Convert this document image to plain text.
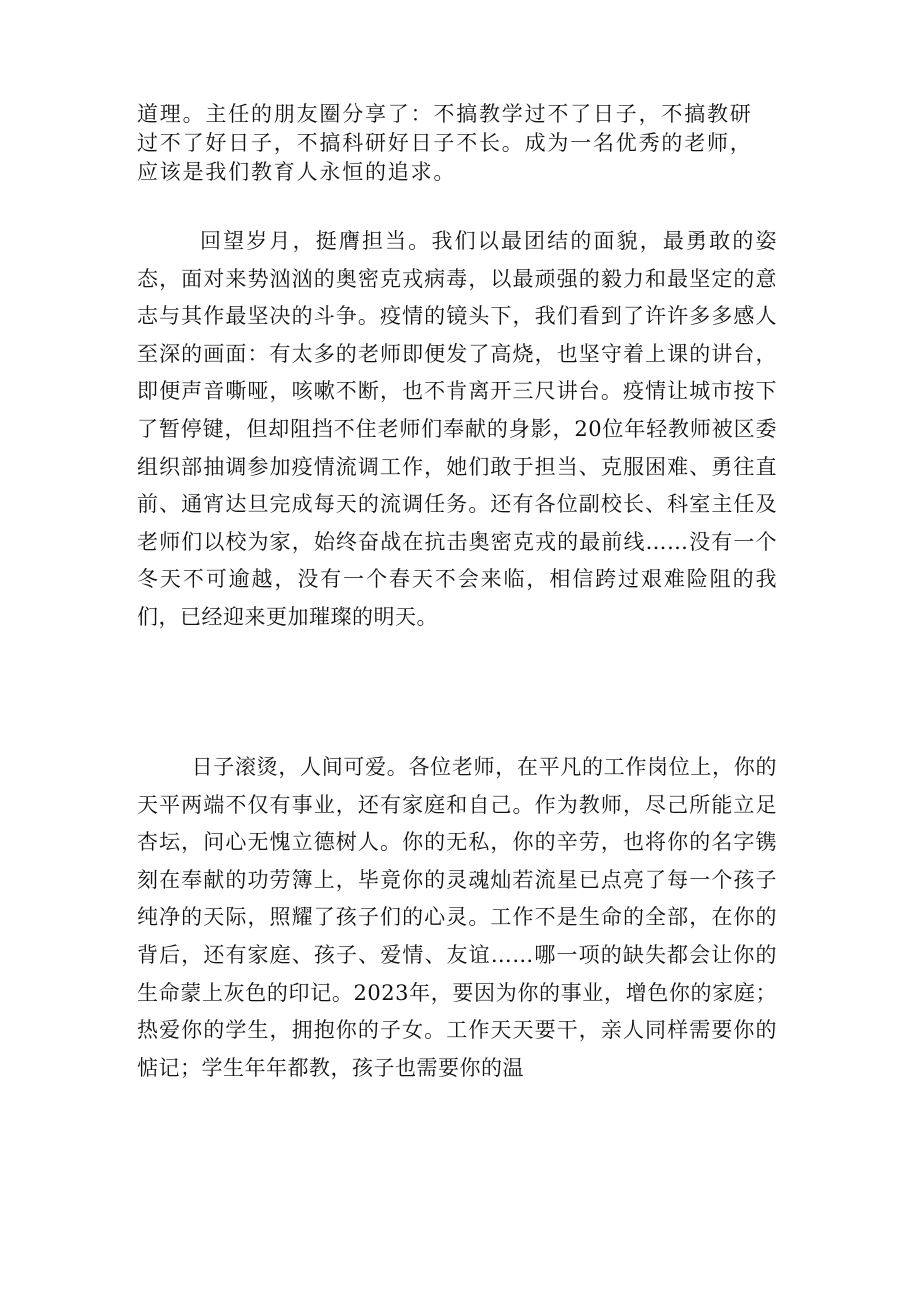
道理。主任的朋友圈分享了：不搞教学过不了日子，不搞教研
过不了好日子，不搞科研好日子不长。成为一名优秀的老师，
应该是我们教育人永恒的追求。

回望岁月，挺膺担当。我们以最团结的面貌，最勇敢的姿态，面对来势汹汹的奥密克戎病毒，以最顽强的毅力和最坚定的意志与其作最坚决的斗争。疫情的镜头下，我们看到了许许多多感人至深的画面：有太多的老师即便发了高烧，也坚守着上课的讲台，即便声音嘶哑，咳嗽不断，也不肯离开三尺讲台。疫情让城市按下了暂停键，但却阻挡不住老师们奉献的身影，20位年轻教师被区委组织部抽调参加疫情流调工作，她们敢于担当、克服困难、勇往直前、通宵达旦完成每天的流调任务。还有各位副校长、科室主任及老师们以校为家，始终奋战在抗击奥密克戎的最前线……没有一个冬天不可逾越，没有一个春天不会来临，相信跨过艰难险阻的我们，已经迎来更加璀璨的明天。

日子滚烫，人间可爱。各位老师，在平凡的工作岗位上，你的天平两端不仅有事业，还有家庭和自己。作为教师，尽己所能立足杏坛，问心无愧立德树人。你的无私，你的辛劳，也将你的名字镌刻在奉献的功劳簿上，毕竟你的灵魂灿若流星已点亮了每一个孩子纯净的天际，照耀了孩子们的心灵。工作不是生命的全部，在你的背后，还有家庭、孩子、爱情、友谊……哪一项的缺失都会让你的生命蒙上灰色的印记。2023年，要因为你的事业，增色你的家庭；热爱你的学生，拥抱你的子女。工作天天要干，亲人同样需要你的惦记；学生年年都教，孩子也需要你的温
